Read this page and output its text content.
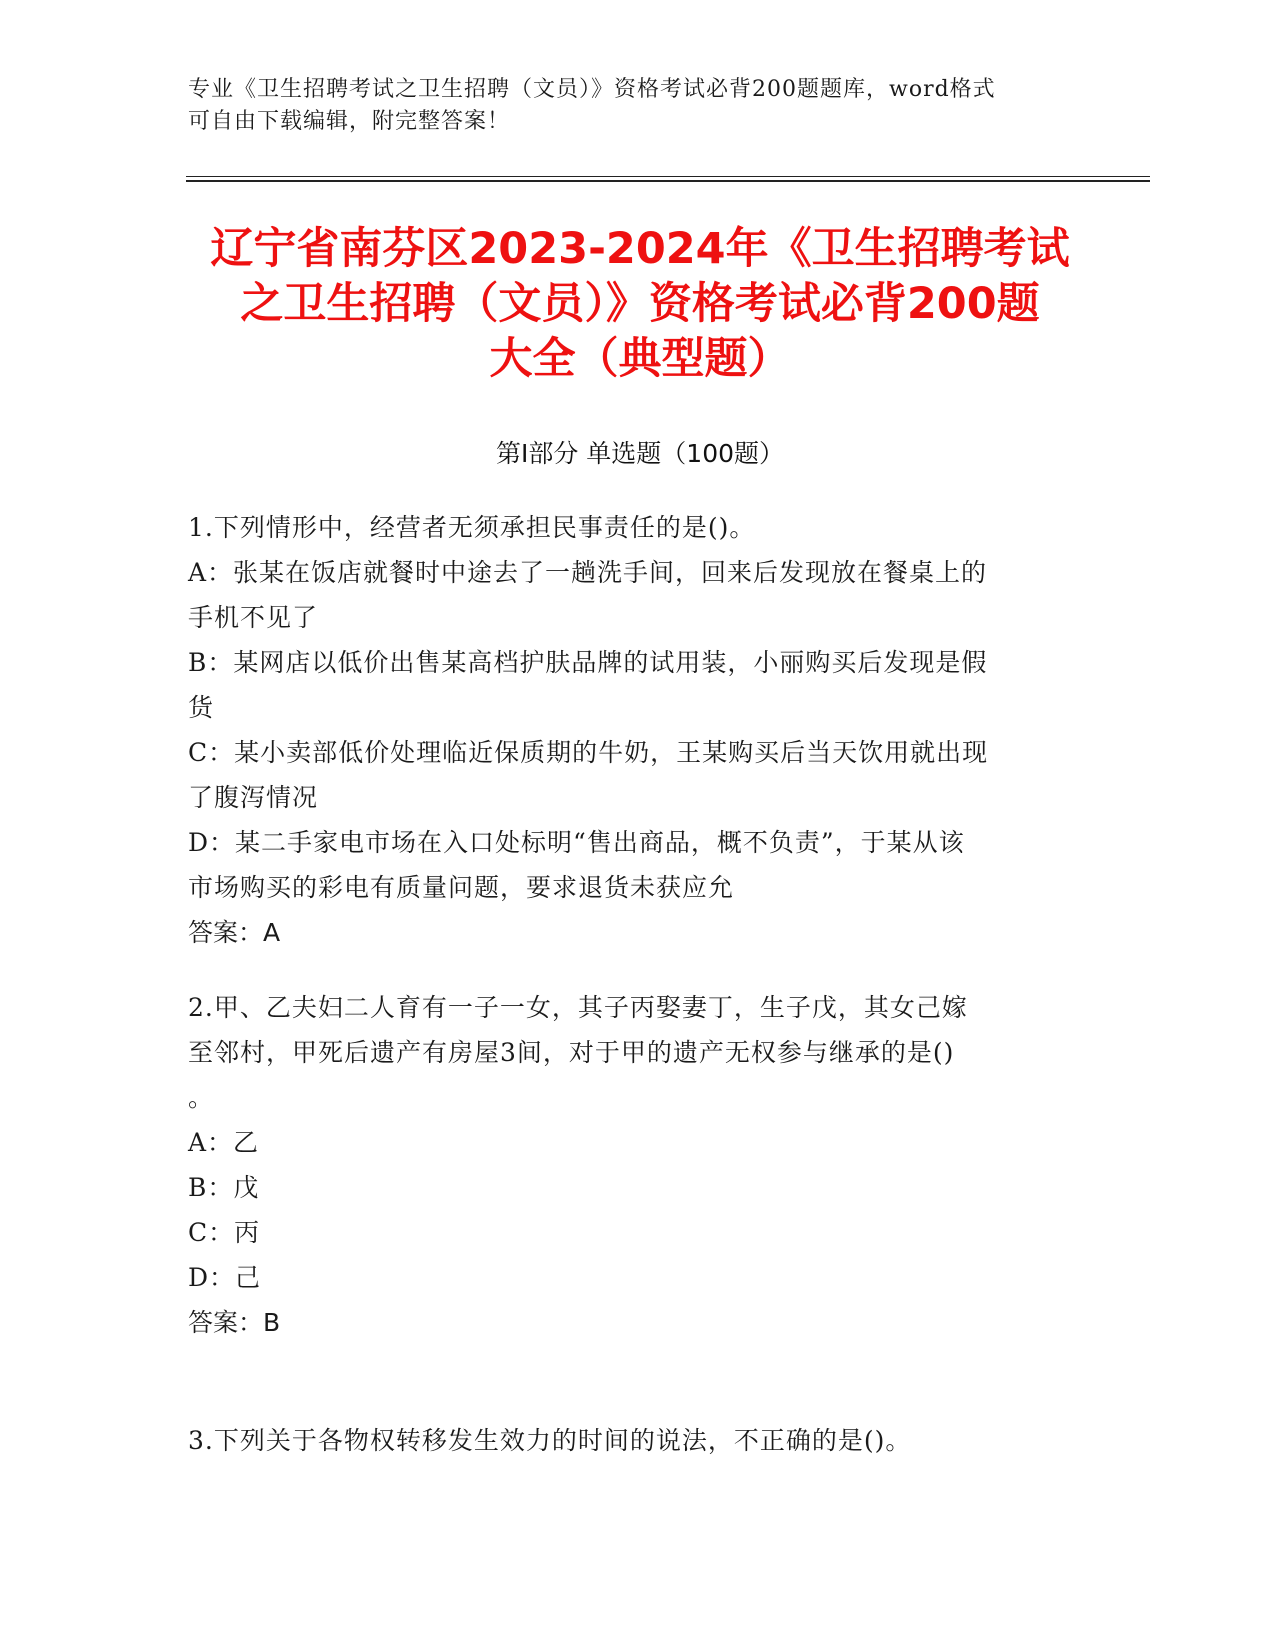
专业《卫生招聘考试之卫生招聘（文员）》资格考试必背200题题库，word格式
可自由下载编辑，附完整答案！
辽宁省南芬区2023-2024年《卫生招聘考试
之卫生招聘（文员）》资格考试必背200题
大全（典型题）
第Ⅰ部分 单选题（100题）
1.下列情形中，经营者无须承担民事责任的是()。
A：张某在饭店就餐时中途去了一趟洗手间，回来后发现放在餐桌上的
手机不见了
B：某网店以低价出售某高档护肤品牌的试用装，小丽购买后发现是假
货
C：某小卖部低价处理临近保质期的牛奶，王某购买后当天饮用就出现
了腹泻情况
D：某二手家电市场在入口处标明“售出商品，概不负责”，于某从该
市场购买的彩电有质量问题，要求退货未获应允
答案：A
2.甲、乙夫妇二人育有一子一女，其子丙娶妻丁，生子戊，其女己嫁
至邻村，甲死后遗产有房屋3间，对于甲的遗产无权参与继承的是()
。
A：乙
B：戊
C：丙
D：己
答案：B
3.下列关于各物权转移发生效力的时间的说法，不正确的是()。
